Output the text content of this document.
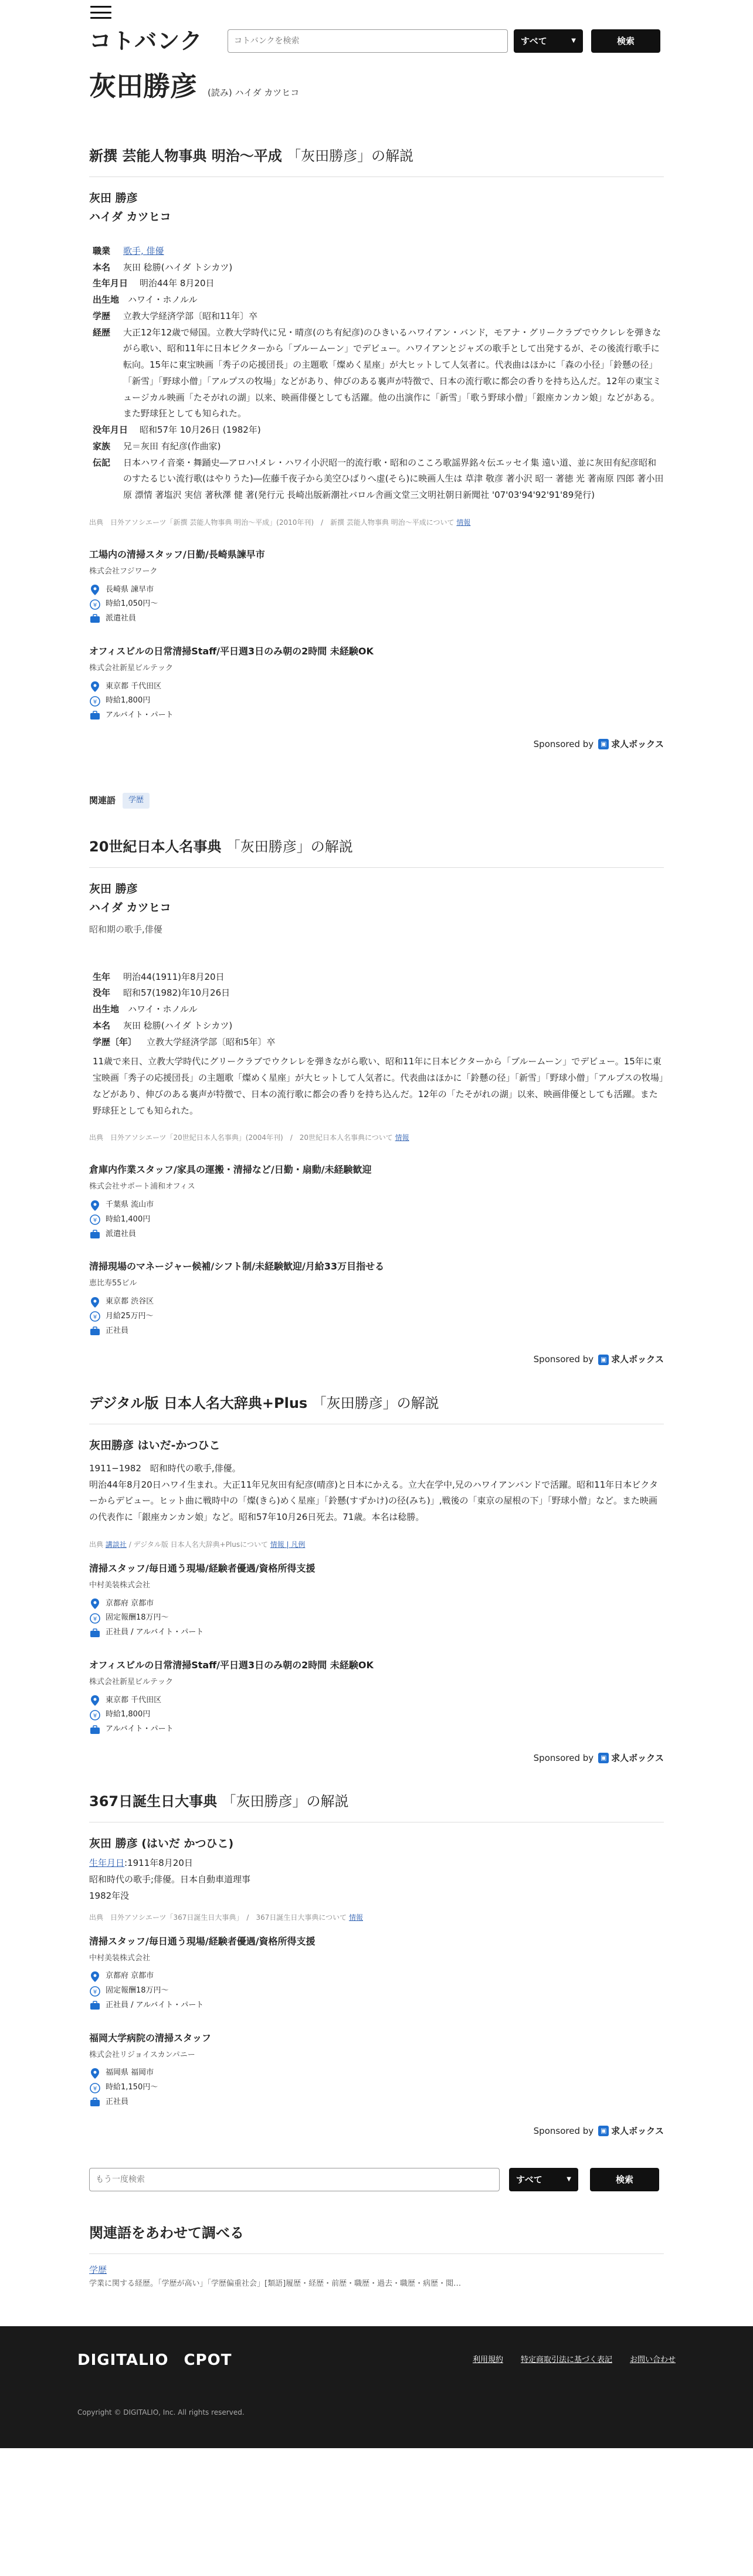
コトバンク
コトバンクを検索	すべて	▼	検索
灰田勝彦 (読み) ハイダ カツヒコ
新撰 芸能人物事典 明治～平成 「灰田勝彦」の解説
灰田 勝彦
ハイダ カツヒコ
職業	歌手, 俳優
本名	灰田 稔勝(ハイダ トシカツ)
生年月日	明治44年 8月20日
出生地 ハワイ・ホノルル
学歴	立教大学経済学部〔昭和11年〕卒
経歴	大正12年12歳で帰国。立教大学時代に兄・晴彦(のち有紀彦)のひきいるハワイアン・バンド，モアナ・グリークラブでウクレレを弾きながら歌い、昭和11年に日本ビクターから「ブルームーン」でデビュー。ハワイアンとジャズの歌手として出発するが、その後流行歌手に転向。15年に東宝映画「秀子の応援団長」の主題歌「燦めく星座」が大ヒットして人気者に。代表曲はほかに「森の小径」「鈴懸の径」「新雪」「野球小僧」「アルプスの牧場」などがあり、伸びのある裏声が特徴で、日本の流行歌に都会の香りを持ち込んだ。12年の東宝ミュージカル映画「たそがれの湖」以来、映画俳優としても活躍。他の出演作に「新雪」「歌う野球小僧」「銀座カンカン娘」などがある。また野球狂としても知られた。
没年月日	昭和57年 10月26日 (1982年)
家族	兄＝灰田 有紀彦(作曲家)
伝記	日本ハワイ音楽・舞踊史―アロハ!メレ・ハワイ小沢昭一的流行歌・昭和のこころ歌謡界銘々伝エッセイ集 遠い道、並に灰田有紀彦昭和のすたるじい流行歌(はやりうた)―佐藤千夜子から美空ひばりへ虚(そら)に映画人生は 草津 敬彦 著小沢 昭一 著徳 光 著南原 四郎 著小田原 漂情 著塩沢 実信 著秋澤 健 著(発行元 長崎出版新潮社バロル舎画文堂三文明社朝日新聞社 '07'03'94'92'91'89発行)
出典　日外アソシエーツ「新撰 芸能人物事典 明治～平成」(2010年刊)　/　新撰 芸能人物事典 明治～平成について 情報
工場内の清掃スタッフ/日勤/長崎県諫早市
株式会社フジワーク
長崎県 諫早市
¥ 時給1,050円～
派遣社員
オフィスビルの日常清掃Staff/平日週3日のみ朝の2時間 未経験OK
株式会社新星ビルテック
東京都 千代田区
¥ 時給1,800円
アルバイト・パート
Sponsored by	▣ 求人ボックス
関連語	学歴
20世紀日本人名事典 「灰田勝彦」の解説
灰田 勝彦
ハイダ カツヒコ
昭和期の歌手,俳優
生年	明治44(1911)年8月20日
没年	昭和57(1982)年10月26日
出生地 ハワイ・ホノルル
本名	灰田 稔勝(ハイダ トシカツ)
学歴〔年〕	立教大学経済学部〔昭和5年〕卒
11歳で来日、立教大学時代にグリークラブでウクレレを弾きながら歌い、昭和11年に日本ビクターから「ブルームーン」でデビュー。15年に東宝映画「秀子の応援団長」の主題歌「燦めく星座」が大ヒットして人気者に。代表曲はほかに「鈴懸の径」「新雪」「野球小僧」「アルプスの牧場」などがあり、伸びのある裏声が特徴で、日本の流行歌に都会の香りを持ち込んだ。12年の「たそがれの湖」以来、映画俳優としても活躍。また野球狂としても知られた。
出典　日外アソシエーツ「20世紀日本人名事典」(2004年刊)　/　20世紀日本人名事典について 情報
倉庫内作業スタッフ/家具の運搬・清掃など/日勤・扇動/未経験歓迎
株式会社サポート浦和オフィス
千葉県 流山市
¥ 時給1,400円
派遣社員
清掃現場のマネージャー候補/シフト制/未経験歓迎/月給33万目指せる
恵比寿55ビル
東京都 渋谷区
¥ 月給25万円～
正社員
Sponsored by	▣ 求人ボックス
デジタル版 日本人名大辞典+Plus 「灰田勝彦」の解説
灰田勝彦 はいだ-かつひこ
1911−1982　昭和時代の歌手,俳優。
明治44年8月20日ハワイ生まれ。大正11年兄灰田有紀彦(晴彦)と日本にかえる。立大在学中,兄のハワイアンバンドで活躍。昭和11年日本ビクターからデビュー。ヒット曲に戦時中の「燦(きら)めく星座」「鈴懸(すずかけ)の径(みち)」,戦後の「東京の屋根の下」「野球小僧」など。また映画の代表作に「銀座カンカン娘」など。昭和57年10月26日死去。71歳。本名は稔勝。
出典 講談社 / デジタル版 日本人名大辞典+Plusについて 情報 | 凡例
清掃スタッフ/毎日通う現場/経験者優遇/資格所得支援
中村美装株式会社
京都府 京都市
¥ 固定報酬18万円～
正社員 / アルバイト・パート
オフィスビルの日常清掃Staff/平日週3日のみ朝の2時間 未経験OK
株式会社新星ビルテック
東京都 千代田区
¥ 時給1,800円
アルバイト・パート
Sponsored by	▣ 求人ボックス
367日誕生日大事典 「灰田勝彦」の解説
灰田 勝彦 (はいだ かつひこ)
生年月日:1911年8月20日
昭和時代の歌手;俳優。日本自動車道理事
1982年没
出典　日外アソシエーツ「367日誕生日大事典」　/　367日誕生日大事典について 情報
清掃スタッフ/毎日通う現場/経験者優遇/資格所得支援
中村美装株式会社
京都府 京都市
¥ 固定報酬18万円～
正社員 / アルバイト・パート
福岡大学病院の清掃スタッフ
株式会社リジョイスカンパニー
福岡県 福岡市
¥ 時給1,150円～
正社員
Sponsored by	▣ 求人ボックス
もう一度検索
すべて	▼	検索
関連語をあわせて調べる
学歴
学業に関する経歴。「学歴が高い」「学歴偏重社会」[類語]履歴・経歴・前歴・職歴・過去・職歴・病歴・閲…
DIGITALIO CPOT	利用規約 特定商取引法に基づく表記 お問い合わせ
Copyright © DIGITALIO, Inc. All rights reserved.
